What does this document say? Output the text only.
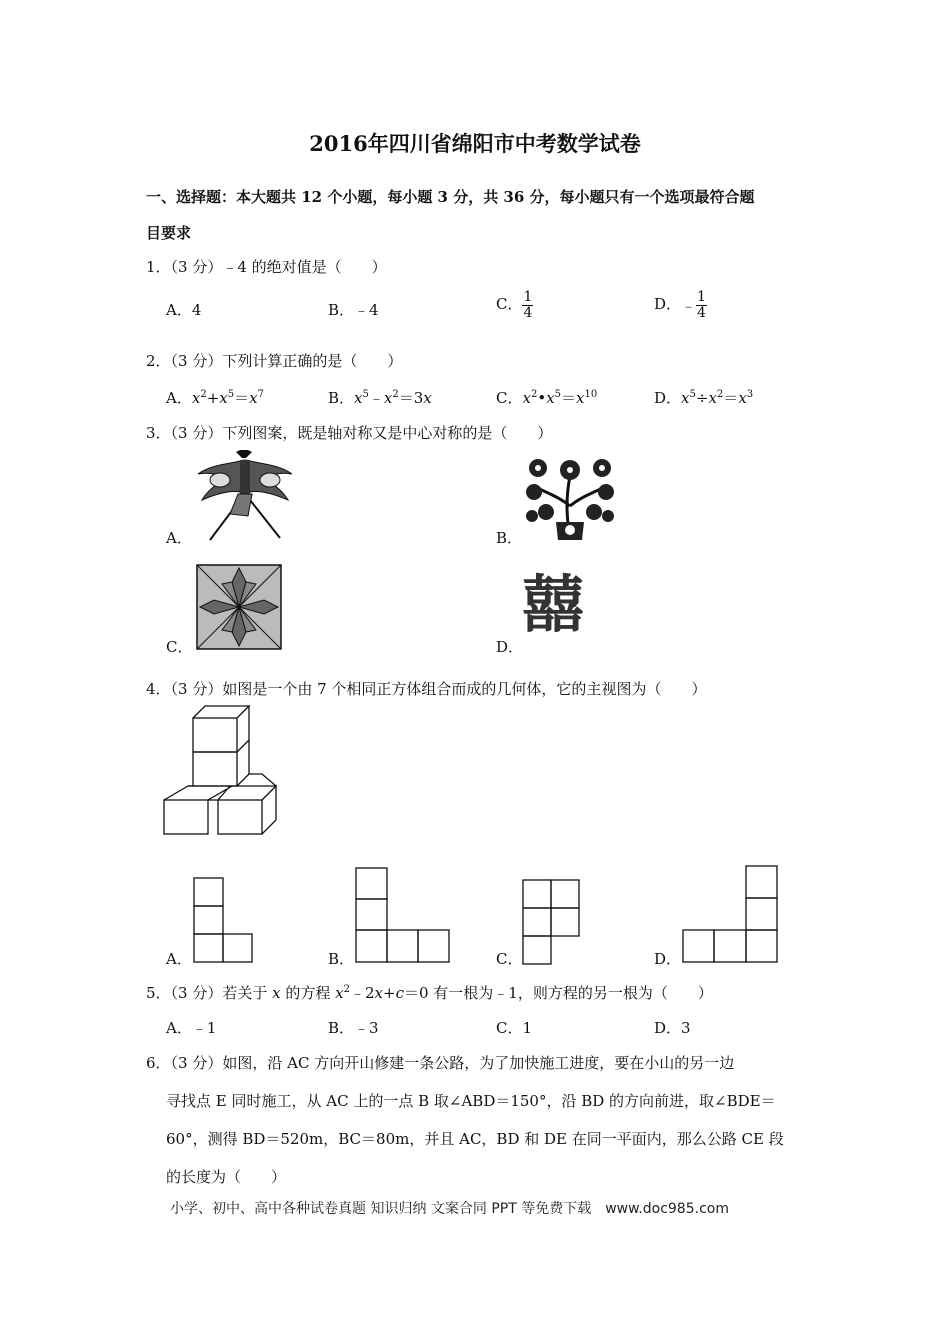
2016年四川省绵阳市中考数学试卷
一、选择题：本大题共 12 个小题，每小题 3 分，共 36 分，每小题只有一个选项最符合题
目要求
1．（3 分）﹣4 的绝对值是（　　）
A．4	B．﹣4	C． $\frac{1}{4}$	D．﹣ $\frac{1}{4}$
2．（3 分）下列计算正确的是（　　）
A．$x^2+x^5=x^7$	B．$x^5﹣x^2=3x$	C．$x^2•x^5=x^{10}$	D．$x^5\div x^2=x^3$
3．（3 分）下列图案，既是轴对称又是中心对称的是（　　）
A．	B．
C．	D．
囍
4．（3 分）如图是一个由 7 个相同正方体组合而成的几何体，它的主视图为（　　）
A．	B．	C．	D．
5．（3 分）若关于 x 的方程 $x^2﹣2x+c=0$ 有一根为﹣1，则方程的另一根为（　　）
A．﹣1	B．﹣3	C．1	D．3
6．（3 分）如图，沿 AC 方向开山修建一条公路，为了加快施工进度，要在小山的另一边
寻找点 E 同时施工，从 AC 上的一点 B 取∠ABD＝150°，沿 BD 的方向前进，取∠BDE＝
60°，测得 BD＝520m，BC＝80m，并且 AC，BD 和 DE 在同一平面内，那么公路 CE 段
的长度为（　　）
小学、初中、高中各种试卷真题 知识归纳 文案合同 PPT 等免费下载　www.doc985.com
